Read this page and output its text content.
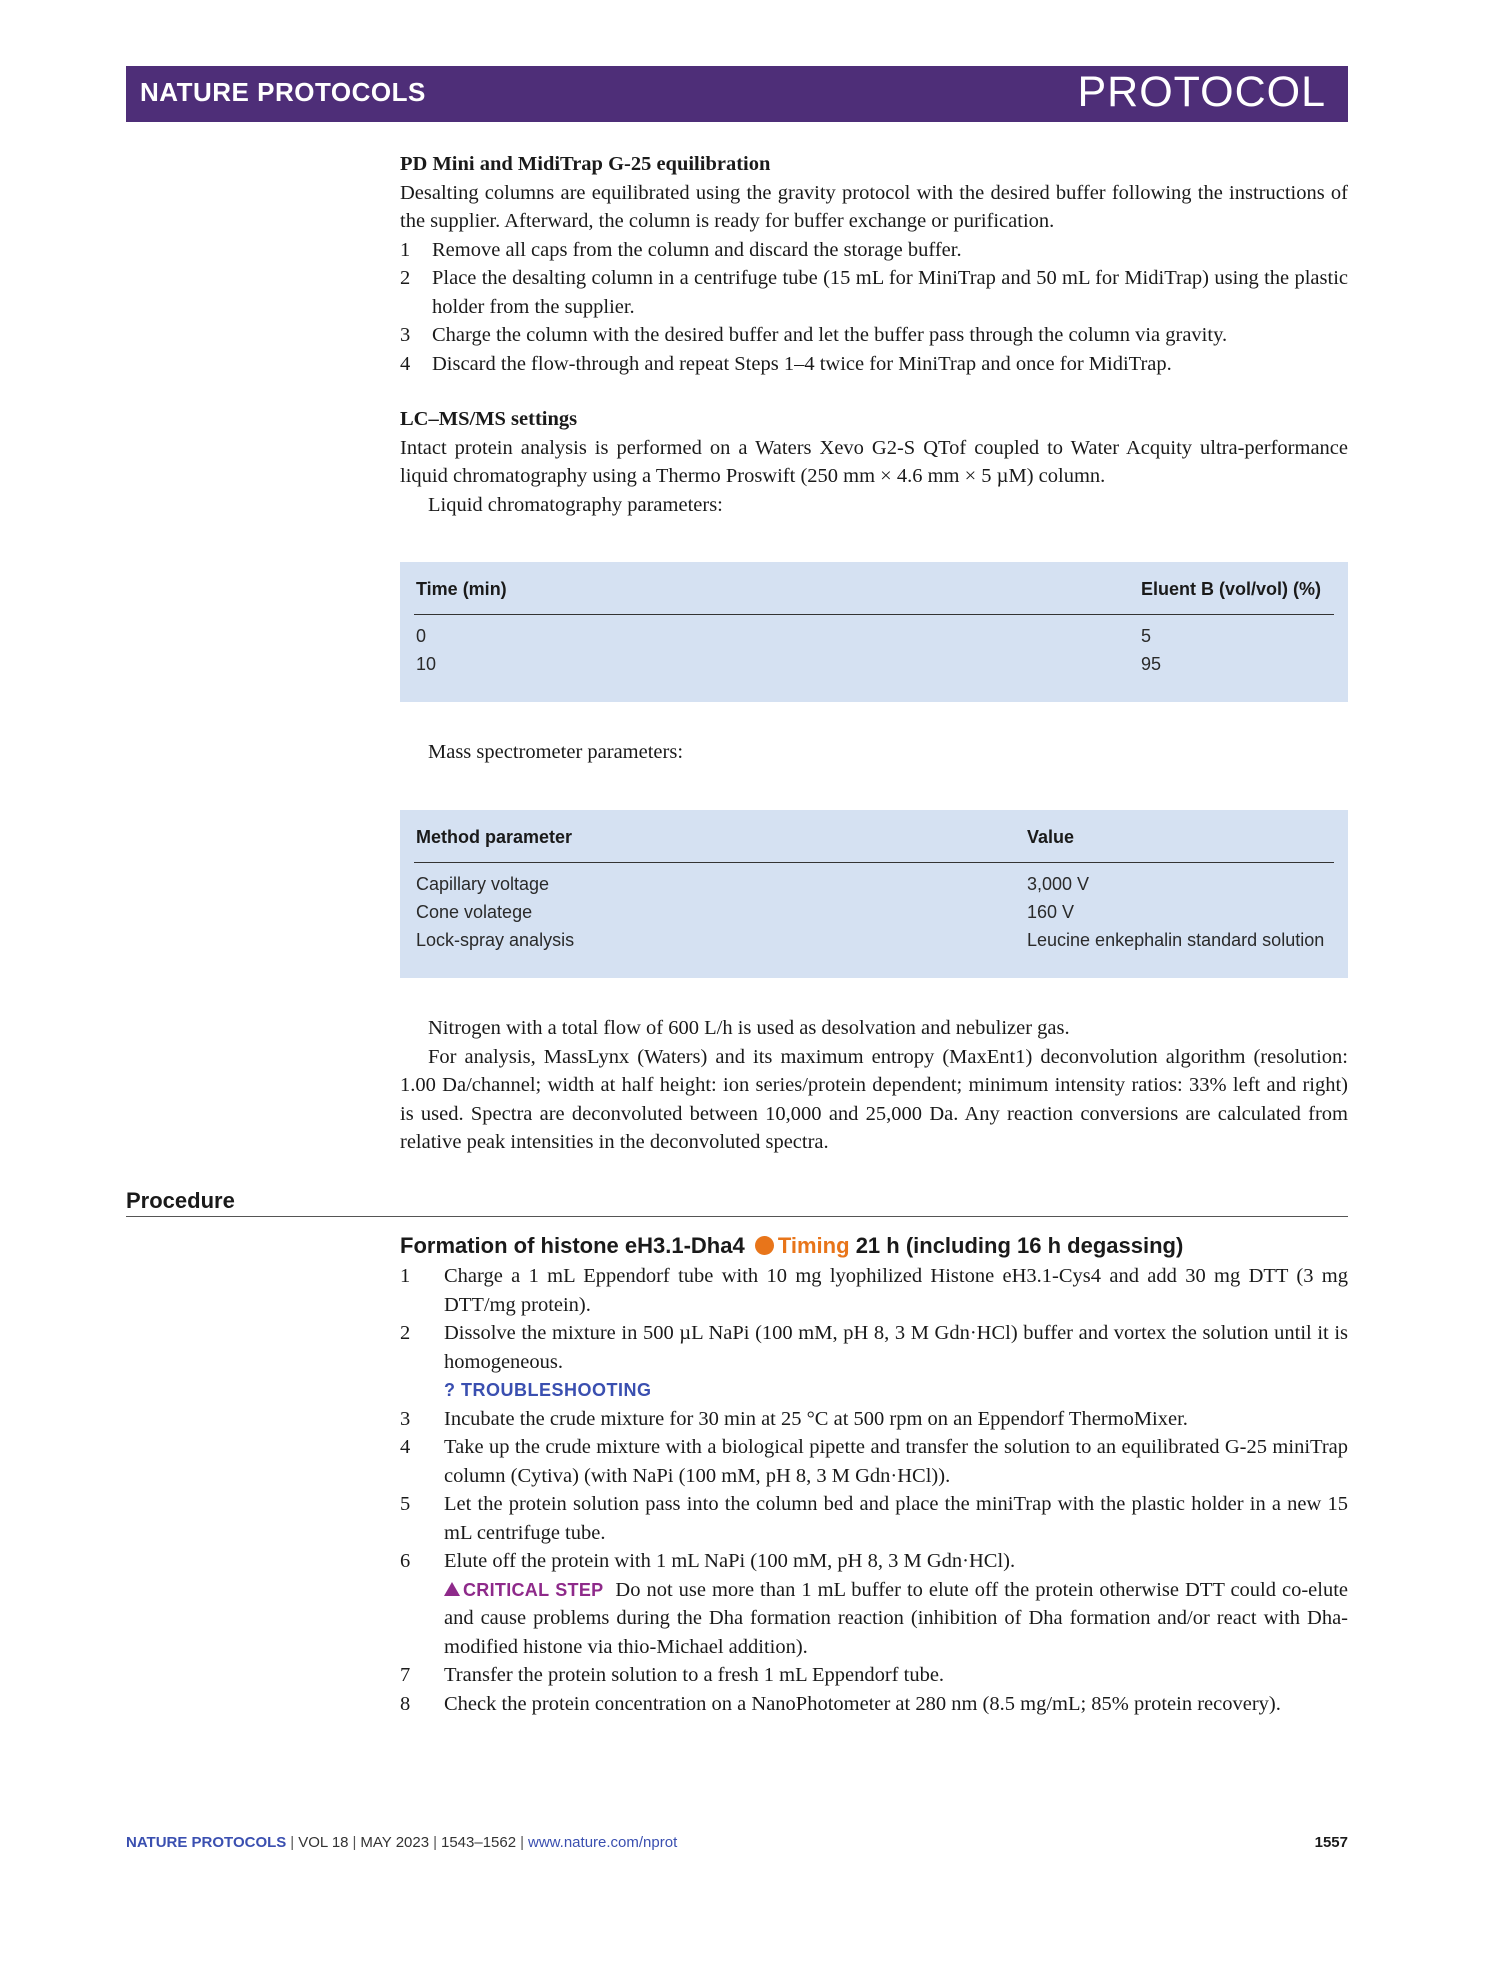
NATURE PROTOCOLS	PROTOCOL
PD Mini and MidiTrap G-25 equilibration
Desalting columns are equilibrated using the gravity protocol with the desired buffer following the instructions of the supplier. Afterward, the column is ready for buffer exchange or purification.
1	Remove all caps from the column and discard the storage buffer.
2	Place the desalting column in a centrifuge tube (15 mL for MiniTrap and 50 mL for MidiTrap) using the plastic holder from the supplier.
3	Charge the column with the desired buffer and let the buffer pass through the column via gravity.
4	Discard the flow-through and repeat Steps 1–4 twice for MiniTrap and once for MidiTrap.
LC–MS/MS settings
Intact protein analysis is performed on a Waters Xevo G2-S QTof coupled to Water Acquity ultra-performance liquid chromatography using a Thermo Proswift (250 mm × 4.6 mm × 5 µM) column.
Liquid chromatography parameters:
Time (min)	Eluent B (vol/vol) (%)
0	5
10	95
Mass spectrometer parameters:
Method parameter	Value
Capillary voltage	3,000 V
Cone volatege	160 V
Lock-spray analysis	Leucine enkephalin standard solution
Nitrogen with a total flow of 600 L/h is used as desolvation and nebulizer gas.
For analysis, MassLynx (Waters) and its maximum entropy (MaxEnt1) deconvolution algorithm (resolution: 1.00 Da/channel; width at half height: ion series/protein dependent; minimum intensity ratios: 33% left and right) is used. Spectra are deconvoluted between 10,000 and 25,000 Da. Any reaction conversions are calculated from relative peak intensities in the deconvoluted spectra.
Procedure
Formation of histone eH3.1-Dha4 Timing 21 h (including 16 h degassing)
1	Charge a 1 mL Eppendorf tube with 10 mg lyophilized Histone eH3.1-Cys4 and add 30 mg DTT (3 mg DTT/mg protein).
2	Dissolve the mixture in 500 µL NaPi (100 mM, pH 8, 3 M Gdn·HCl) buffer and vortex the solution until it is homogeneous.
? TROUBLESHOOTING
3	Incubate the crude mixture for 30 min at 25 °C at 500 rpm on an Eppendorf ThermoMixer.
4	Take up the crude mixture with a biological pipette and transfer the solution to an equilibrated G-25 miniTrap column (Cytiva) (with NaPi (100 mM, pH 8, 3 M Gdn·HCl)).
5	Let the protein solution pass into the column bed and place the miniTrap with the plastic holder in a new 15 mL centrifuge tube.
6	Elute off the protein with 1 mL NaPi (100 mM, pH 8, 3 M Gdn·HCl).
CRITICAL STEP Do not use more than 1 mL buffer to elute off the protein otherwise DTT could co-elute and cause problems during the Dha formation reaction (inhibition of Dha formation and/or react with Dha-modified histone via thio-Michael addition).
7	Transfer the protein solution to a fresh 1 mL Eppendorf tube.
8	Check the protein concentration on a NanoPhotometer at 280 nm (8.5 mg/mL; 85% protein recovery).
NATURE PROTOCOLS | VOL 18 | MAY 2023 | 1543–1562 | www.nature.com/nprot	1557
